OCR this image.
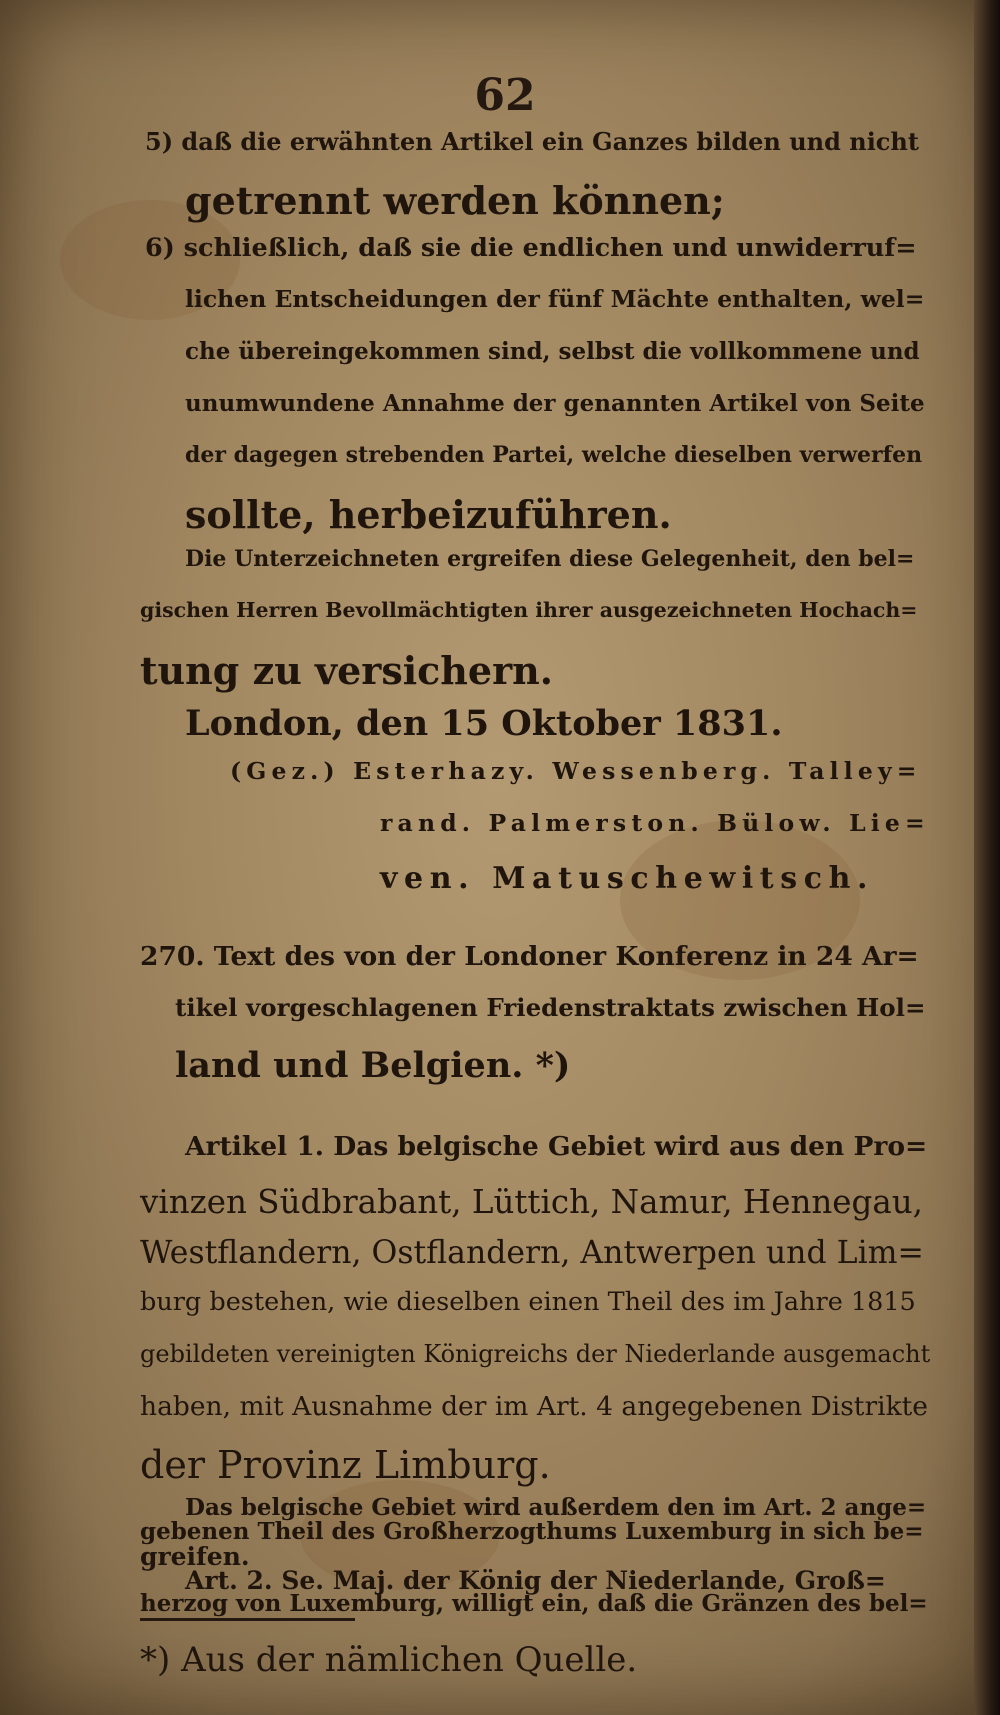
62
5) daß die erwähnten Artikel ein Ganzes bilden und nicht
getrennt werden können;
6) schließlich, daß sie die endlichen und unwiderruf=
lichen Entscheidungen der fünf Mächte enthalten, wel=
che übereingekommen sind, selbst die vollkommene und
unumwundene Annahme der genannten Artikel von Seite
der dagegen strebenden Partei, welche dieselben verwerfen
sollte, herbeizuführen.
Die Unterzeichneten ergreifen diese Gelegenheit, den bel=
gischen Herren Bevollmächtigten ihrer ausgezeichneten Hochach=
tung zu versichern.
London, den 15 Oktober 1831.
(Gez.) Esterhazy. Wessenberg. Talley=
rand. Palmerston. Bülow. Lie=
ven. Matuschewitsch.
270. Text des von der Londoner Konferenz in 24 Ar=
tikel vorgeschlagenen Friedenstraktats zwischen Hol=
land und Belgien. *)
Artikel 1. Das belgische Gebiet wird aus den Pro=
vinzen Südbrabant, Lüttich, Namur, Hennegau,
Westflandern, Ostflandern, Antwerpen und Lim=
burg bestehen, wie dieselben einen Theil des im Jahre 1815
gebildeten vereinigten Königreichs der Niederlande ausgemacht
haben, mit Ausnahme der im Art. 4 angegebenen Distrikte
der Provinz Limburg.
Das belgische Gebiet wird außerdem den im Art. 2 ange=
gebenen Theil des Großherzogthums Luxemburg in sich be=
greifen.
Art. 2. Se. Maj. der König der Niederlande, Groß=
*) Aus der nämlichen Quelle.
herzog von Luxemburg, willigt ein, daß die Gränzen des bel=
